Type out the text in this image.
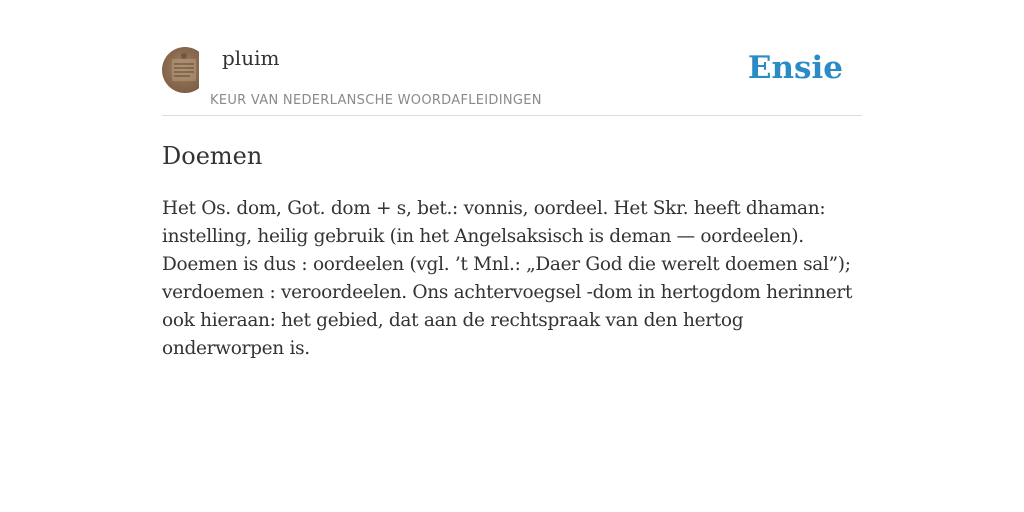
pluim
KEUR VAN NEDERLANSCHE WOORDAFLEIDINGEN
Ensie
Doemen

Het Os. dom, Got. dom + s, bet.: vonnis, oordeel. Het Skr. heeft dhaman: instelling, heilig gebruik (in het Angelsaksisch is deman — oordeelen). Doemen is dus : oordeelen (vgl. ’t Mnl.: „Daer God die werelt doemen sal”); verdoemen : veroordeelen. Ons achtervoegsel -dom in hertogdom herinnert ook hieraan: het gebied, dat aan de rechtspraak van den hertog onderworpen is.
